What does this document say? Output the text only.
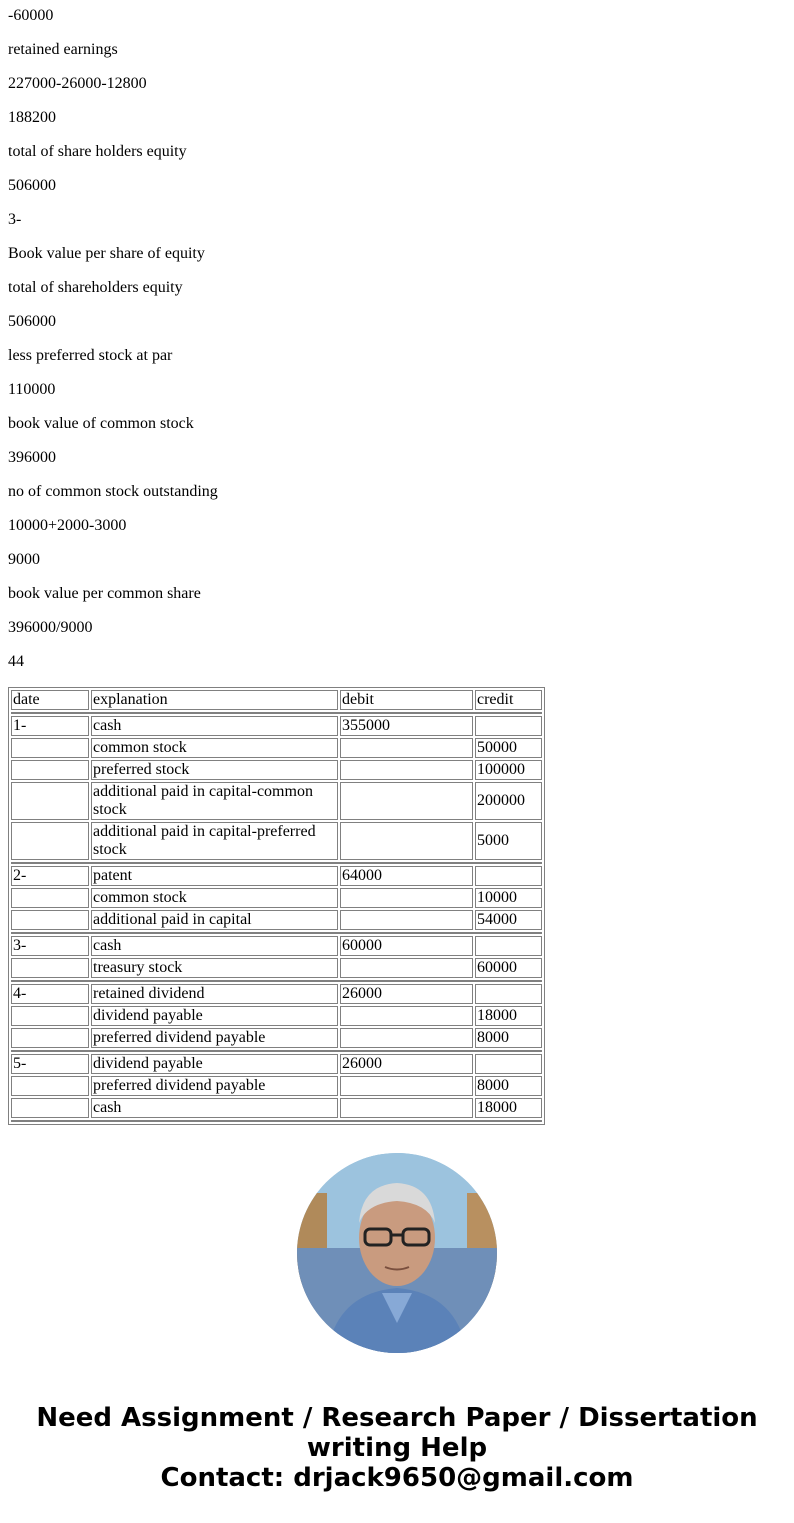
-60000

retained earnings

227000-26000-12800

188200

total of share holders equity

506000

3-

Book value per share of equity

total of shareholders equity

506000

less preferred stock at par

110000

book value of common stock

396000

no of common stock outstanding

10000+2000-3000

9000

book value per common share

396000/9000

44

date	explanation	debit	credit

1-	cash	355000	
	common stock		50000
	preferred stock		100000
	additional paid in capital-common stock		200000
	additional paid in capital-preferred stock		5000

2-	patent	64000	
	common stock		10000
	additional paid in capital		54000

3-	cash	60000	
	treasury stock		60000

4-	retained dividend	26000	
	dividend payable		18000
	preferred dividend payable		8000

5-	dividend payable	26000	
	preferred dividend payable		8000
	cash		18000

Need Assignment / Research Paper / Dissertation
writing Help
Contact: drjack9650@gmail.com
